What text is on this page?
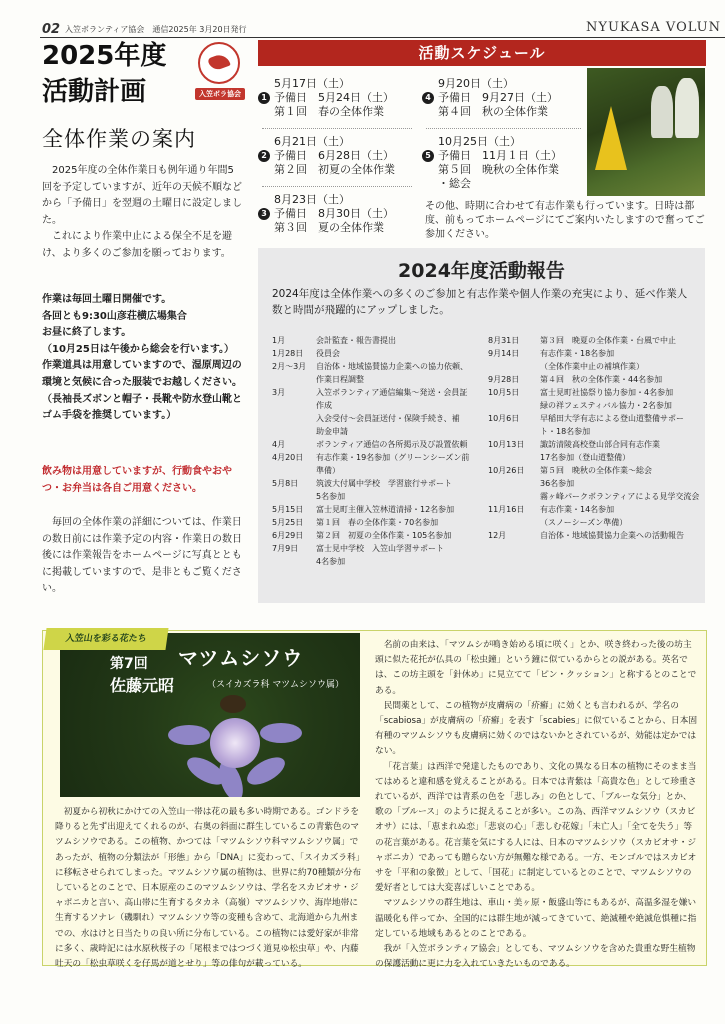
02 入笠ボランティア協会　通信2025年 3月20日発行	NYUKASA VOLUN
2025年度
活動計画	入笠ボラ協会
全体作業の案内

2025年度の全体作業日も例年通り年間5回を予定していますが、近年の天候不順などから「予備日」を翌週の土曜日に設定しました。

これにより作業中止による保全不足を避け、より多くのご参加を願っております。

作業は毎回土曜日開催です。
各回とも9:30山彦荘横広場集合
お昼に終了します。
（10月25日は午後から総会を行います。）
作業道具は用意していますので、湿原周辺の環境と気候に合った服装でお越しください。
（長袖長ズボンと帽子・長靴や防水登山靴とゴム手袋を推奨しています。）
飲み物は用意していますが、行動食やおやつ・お弁当は各自ご用意ください。

毎回の全体作業の詳細については、作業日の数日前には作業予定の内容・作業日の数日後には作業報告をホームページに写真とともに掲載していますので、是非ともご覧ください。

活動スケジュール
5月17日（土）
1 予備日　5月24日（土）
第１回　春の全体作業
6月21日（土）
2 予備日　6月28日（土）
第２回　初夏の全体作業
8月23日（土）
3 予備日　8月30日（土）
第３回　夏の全体作業
9月20日（土）
4 予備日　9月27日（土）
第４回　秋の全体作業
10月25日（土）
5 予備日　11月１日（土）
第５回　晩秋の全体作業
・総会
その他、時期に合わせて有志作業も行っています。日時は都度、前もってホームページにてご案内いたしますので奮ってご参加ください。
2024年度活動報告
2024年度は全体作業への多くのご参加と有志作業や個人作業の充実により、延べ作業人数と時間が飛躍的にアップしました。
1月	会計監査・報告書提出
1月28日	役員会
2月～3月	自治体・地域協賛協力企業への協力依頼、
作業日程調整
3月	入笠ボランティア通信編集～発送・会員証
作成
入会受付～会員証送付・保険手続き、補
助金申請
4月	ボランティア通信の各所掲示及び設置依頼
4月20日	有志作業・19名参加（グリーンシーズン前
準備）
5月8日	筑波大付属中学校　学習旅行サポート
5名参加
5月15日	富士見町主催入笠林道清掃・12名参加
5月25日	第１回　春の全体作業・70名参加
6月29日	第２回　初夏の全体作業・105名参加
7月9日	富士見中学校　入笠山学習サポート
4名参加
8月31日	第３回　晩夏の全体作業・台風で中止
9月14日	有志作業・18名参加
（全体作業中止の補填作業）
9月28日	第４回　秋の全体作業・44名参加
10月5日	富士見町社協祭り協力参加・4名参加
緑の祥フェスティバル協力・2名参加
10月6日	早稲田大学有志による登山道整備サポー
ト・18名参加
10月13日	諏訪清陵高校登山部合同有志作業
17名参加（登山道整備）
10月26日	第５回　晩秋の全体作業～総会
36名参加
霧ヶ峰パークボランティアによる見学交流会
11月16日	有志作業・14名参加
（スノーシーズン準備）
12月	自治体・地域協賛協力企業への活動報告
入笠山を彩る花たち
第7回 マツムシソウ
佐藤元昭	（スイカズラ科 マツムシソウ属）

初夏から初秋にかけての入笠山一帯は花の最も多い時期である。ゴンドラを降りると先ず出迎えてくれるのが、右奥の斜面に群生しているこの青紫色のマツムシソウである。この植物、かつては「マツムシソウ科マツムシソウ属」であったが、植物の分類法が「形態」から「DNA」に変わって、「スイカズラ科」に移転させられてしまった。マツムシソウ属の植物は、世界に約70種類が分布しているとのことで、日本原産のこのマツムシソウは、学名をスカビオサ・ジャポニカと言い、高山帯に生育するタカネ（高嶺）マツムシソウ、海岸地帯に生育するソナレ（磯馴れ）マツムシソウ等の変種も含めて、北海道から九州までの、水はけと日当たりの良い所に分布している。この植物には愛好家が非常に多く、歳時記には水原秋桜子の「尾根まではつづく道見ゆ松虫草」や、内藤吐天の「松虫草咲くを仔馬が道とせり」等の俳句が載っている。

名前の由来は、「マツムシが鳴き始める頃に咲く」とか、咲き終わった後の坊主頭に似た花托が仏具の「松虫鐘」という鐘に似ているからとの説がある。英名では、この坊主頭を「針休め」に見立てて「ピン・クッション」と称するとのことである。

民間薬として、この植物が皮膚病の「疥癬」に効くとも言われるが、学名の「scabiosa」が皮膚病の「疥癬」を表す「scabies」に似ていることから、日本固有種のマツムシソウも皮膚病に効くのではないかとされているが、効能は定かではない。

「花言葉」は西洋で発達したものであり、文化の異なる日本の植物にそのまま当てはめると違和感を覚えることがある。日本では青紫は「高貴な色」として珍重されているが、西洋では青系の色を「悲しみ」の色として、「ブルーな気分」とか、歌の「ブルース」のように捉えることが多い。この為、西洋マツムシソウ（スカビオサ）には、「恵まれぬ恋」「悲哀の心」「悲しむ花嫁」「未亡人」「全てを失う」等の花言葉がある。花言葉を気にする人には、日本のマツムシソウ（スカビオサ・ジャポニカ）であっても贈らない方が無難な様である。一方、モンゴルではスカビオサを「平和の象徴」として、「国花」に制定しているとのことで、マツムシソウの愛好者としては大変喜ばしいことである。

マツムシソウの群生地は、車山・美ヶ原・飯盛山等にもあるが、高温多湿を嫌い温暖化も伴ってか、全国的には群生地が減ってきていて、絶滅種や絶滅危惧種に指定している地域もあるとのことである。

我が「入笠ボランティア協会」としても、マツムシソウを含めた貴重な野生植物の保護活動に更に力を入れていきたいものである。
